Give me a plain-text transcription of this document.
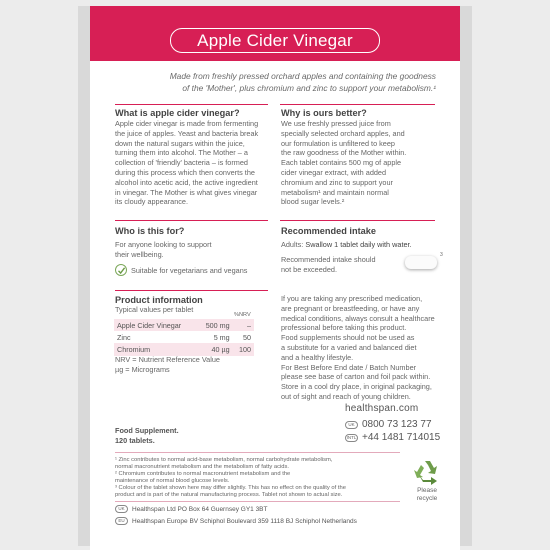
Apple Cider Vinegar
Made from freshly pressed orchard apples and containing the goodness
of the 'Mother', plus chromium and zinc to support your metabolism.¹
What is apple cider vinegar?
Apple cider vinegar is made from fermenting
the juice of apples. Yeast and bacteria break
down the natural sugars within the juice,
turning them into alcohol. The Mother – a
collection of 'friendly' bacteria – is formed
during this process which then converts the
alcohol into acetic acid, the active ingredient
in vinegar. The Mother is what gives vinegar
its cloudy appearance.
Why is ours better?
We use freshly pressed juice from
specially selected orchard apples, and
our formulation is unfiltered to keep
the raw goodness of the Mother within.
Each tablet contains 500 mg of apple
cider vinegar extract, with added
chromium and zinc to support your
metabolism¹ and maintain normal
blood sugar levels.²
Who is this for?
For anyone looking to support
their wellbeing.
Suitable for vegetarians and vegans
Recommended intake
Adults: Swallow 1 tablet daily with water.
Recommended intake should
not be exceeded.
3
Product information
Typical values per tablet
%NRV
Apple Cider Vinegar	500 mg	–
Zinc	5 mg	50
Chromium	40 µg	100
NRV = Nutrient Reference Value
µg = Micrograms
If you are taking any prescribed medication,
are pregnant or breastfeeding, or have any
medical conditions, always consult a healthcare
professional before taking this product.
Food supplements should not be used as
a substitute for a varied and balanced diet
and a healthy lifestyle.
For Best Before End date / Batch Number
please see base of carton and foil pack within.
Store in a cool dry place, in original packaging,
out of sight and reach of young children.
healthspan.com
UK 0800 73 123 77
INTL +44 1481 714015
Food Supplement.
120 tablets.
¹ Zinc contributes to normal acid-base metabolism, normal carbohydrate metabolism,
normal macronutrient metabolism and the metabolism of fatty acids.
² Chromium contributes to normal macronutrient metabolism and the
maintenance of normal blood glucose levels.
³ Colour of the tablet shown here may differ slightly. This has no effect on the quality of the
product and is part of the natural manufacturing process. Tablet not shown to actual size.
Please
recycle
UK	Healthspan Ltd PO Box 64 Guernsey GY1 3BT
EU	Healthspan Europe BV Schiphol Boulevard 359 1118 BJ Schiphol Netherlands
